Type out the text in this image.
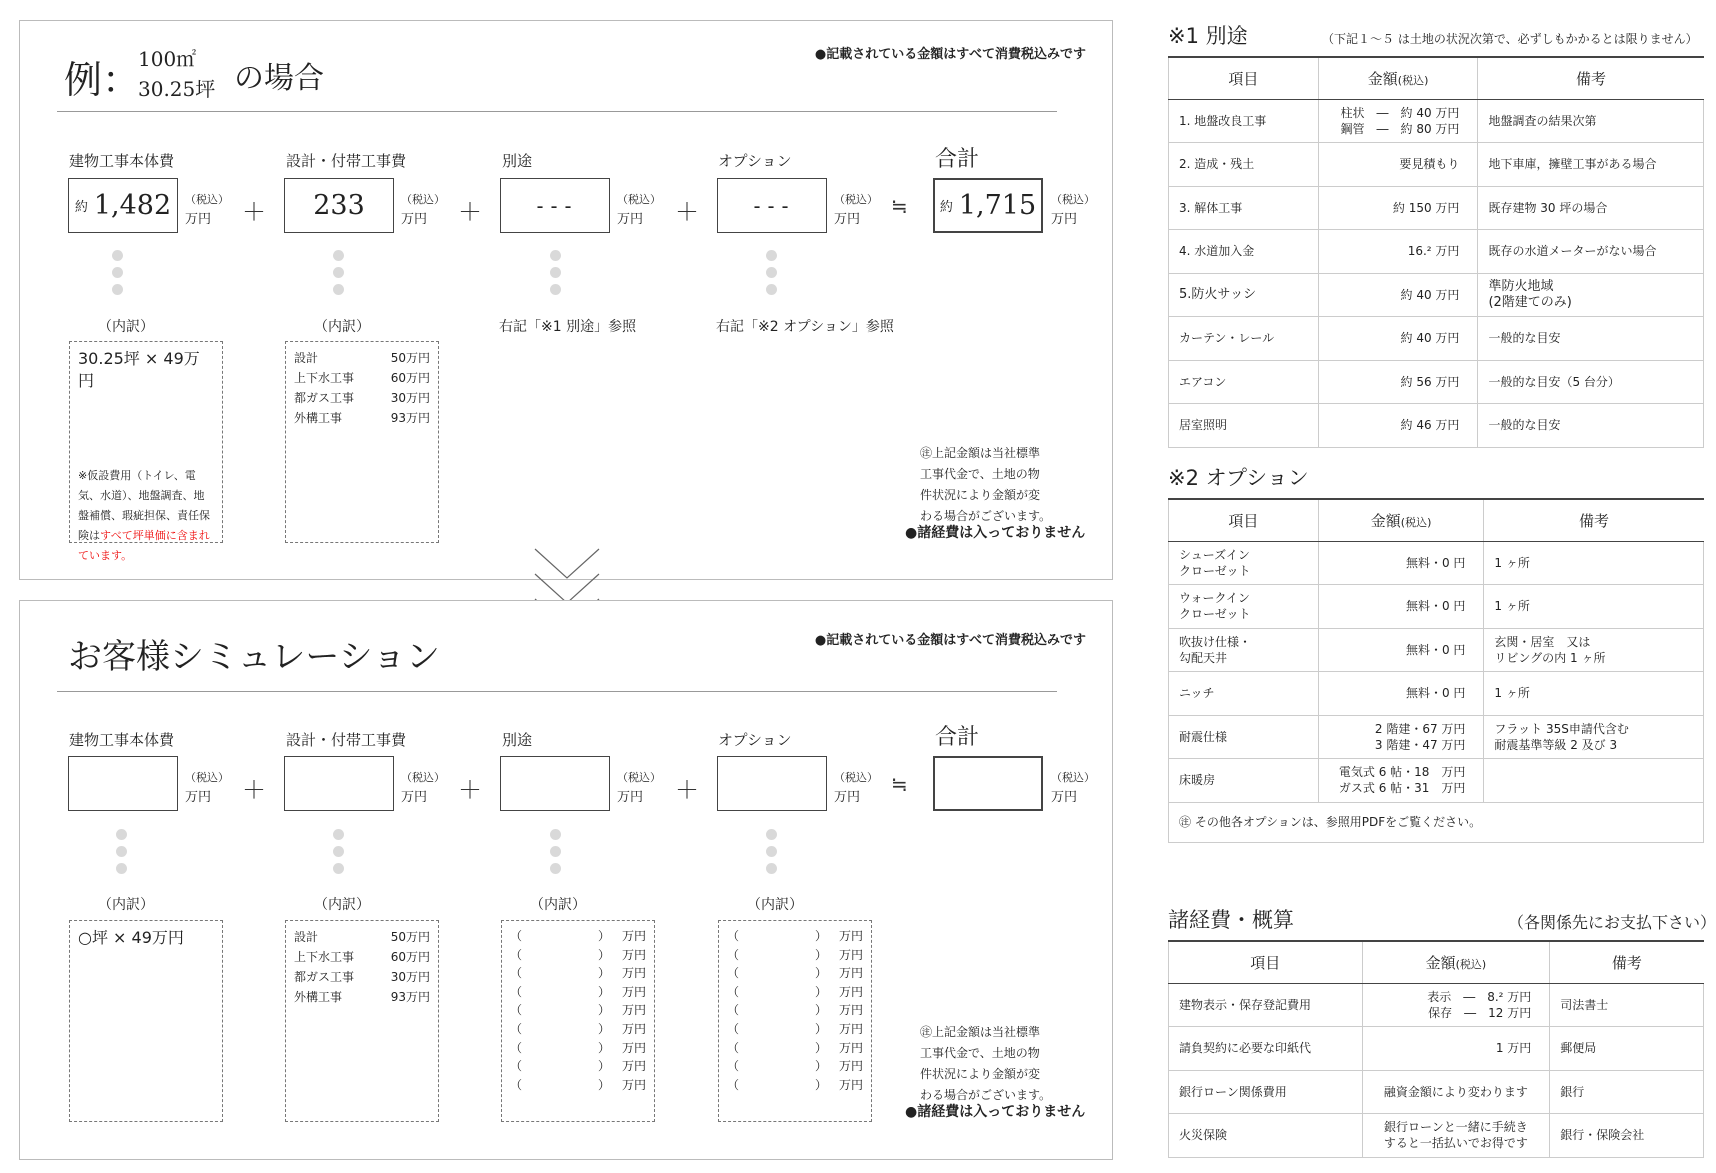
例：
100㎡
30.25坪 の場合
●記載されている金額はすべて消費税込みです
建物工事本体費	設計・付帯工事費	別途	オプション	合計
約 1,482	233	---	---	約 1,715
（税込）
万円
（税込）
万円
（税込）
万円
（税込）
万円
（税込）
万円
＋	＋	＋	≒
（内訳）	（内訳）
30.25坪 × 49万円
※仮設費用（トイレ、電気、水道）、地盤調査、地盤補償、瑕疵担保、責任保険はすべて坪単価に含まれています。
設計	50万円
上下水工事	60万円
都ガス工事	30万円
外構工事	93万円
右記「※1 別途」参照	右記「※2 オプション」参照
㊟上記金額は当社標準
工事代金で、土地の物
件状況により金額が変
わる場合がございます。
●諸経費は入っておりません
お客様シミュレーション	●記載されている金額はすべて消費税込みです
建物工事本体費	設計・付帯工事費	別途	オプション	合計
（税込）
万円
（税込）
万円
（税込）
万円
（税込）
万円
（税込）
万円
＋	＋	＋	≒
（内訳）	（内訳）	（内訳）	（内訳）
○坪 × 49万円	設計	50万円
上下水工事	60万円
都ガス工事	30万円
外構工事	93万円
（	） 万円
（	） 万円
（	） 万円
（	） 万円
（	） 万円
（	） 万円
（	） 万円
（	） 万円
（	） 万円
（	） 万円
（	） 万円
（	） 万円
（	） 万円
（	） 万円
（	） 万円
（	） 万円
（	） 万円
（	） 万円
㊟上記金額は当社標準
工事代金で、土地の物
件状況により金額が変
わる場合がございます。
●諸経費は入っておりません
※1 別途	（下記１～５ は土地の状況次第で、必ずしもかかるとは限りません）
項目	金額(税込)	備考
1. 地盤改良工事	柱状　―　約 40 万円
鋼管　―　約 80 万円	地盤調査の結果次第
2. 造成・残土	要見積もり	地下車庫，擁壁工事がある場合
3. 解体工事	約 150 万円	既存建物 30 坪の場合
4. 水道加入金	16.² 万円	既存の水道メーターがない場合
5.防火サッシ	約 40 万円	準防火地域
(2階建てのみ)
カーテン・レール	約 40 万円	一般的な目安
エアコン	約 56 万円	一般的な目安（5 台分）
居室照明	約 46 万円	一般的な目安
※2 オプション
項目	金額(税込)	備考
シューズイン
クローゼット	無料・0 円	1 ヶ所
ウォークイン
クローゼット	無料・0 円	1 ヶ所
吹抜け仕様・
勾配天井	無料・0 円	玄関・居室　又は
リビングの内 1 ヶ所
ニッチ	無料・0 円	1 ヶ所
耐震仕様	2 階建・67 万円
3 階建・47 万円	フラット 35S申請代含む
耐震基準等級 2 及び 3
床暖房	電気式 6 帖・18　万円
ガス式 6 帖・31　万円	
㊟ その他各オプションは、参照用PDFをご覧ください。		
諸経費・概算	（各関係先にお支払下さい）
項目	金額(税込)	備考
建物表示・保存登記費用	表示　―　8.² 万円
保存　―　12 万円	司法書士
請負契約に必要な印紙代	1 万円	郵便局
銀行ローン関係費用	融資金額により変わります	銀行
火災保険	銀行ローンと一緒に手続き
すると一括払いでお得です	銀行・保険会社
